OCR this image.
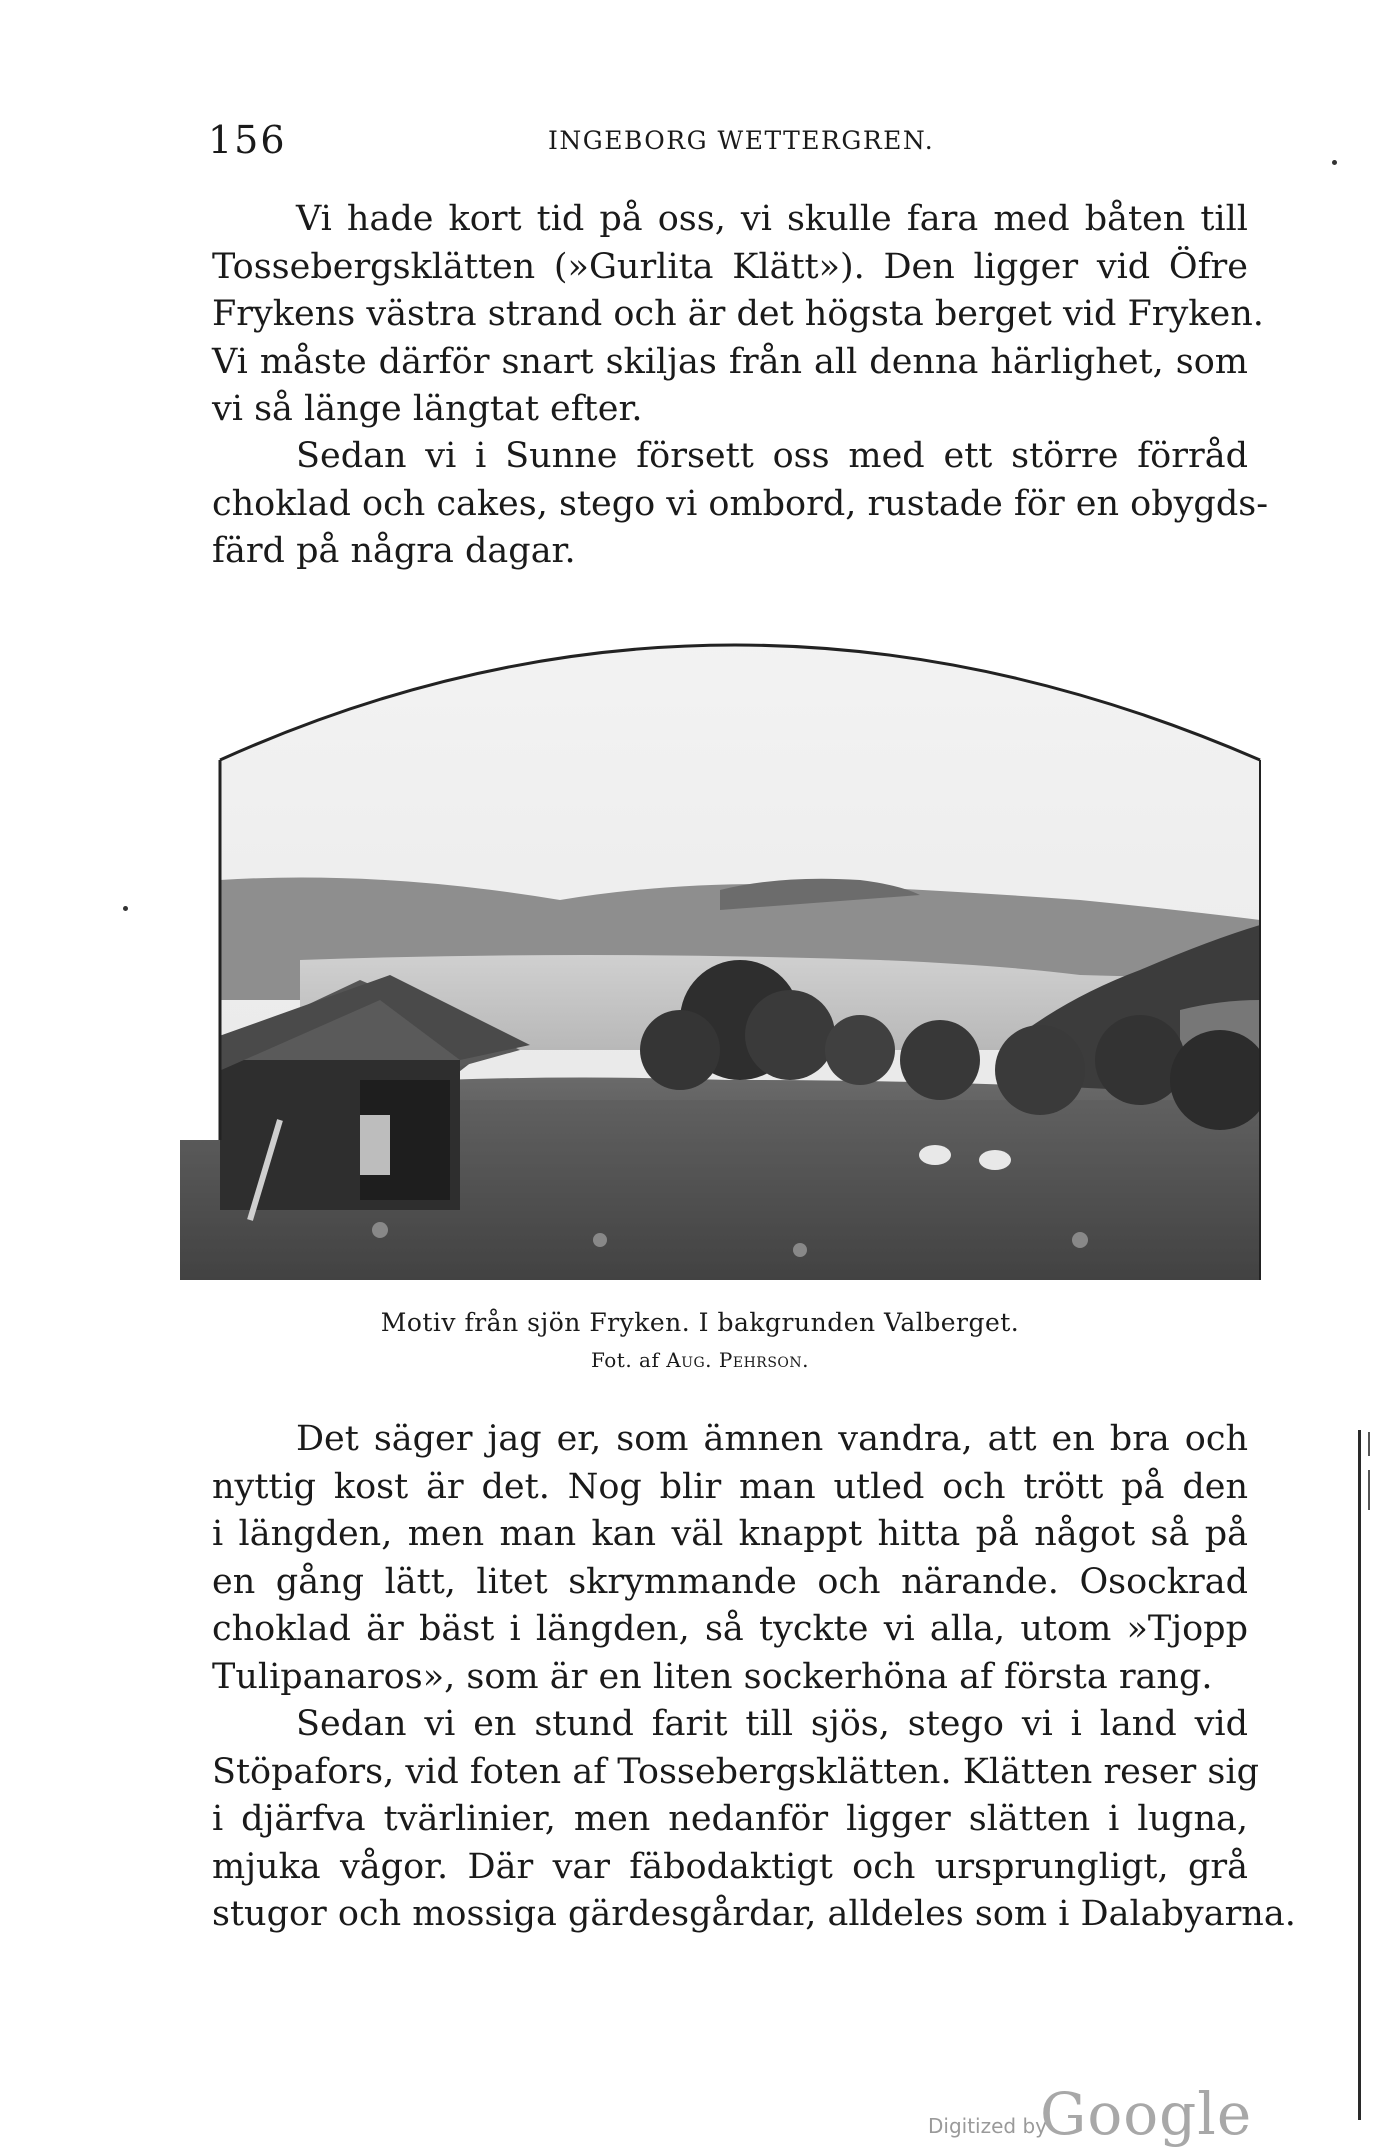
156	INGEBORG WETTERGREN.

Vi hade kort tid på oss, vi skulle fara med båten till
Tossebergsklätten (»Gurlita Klätt»). Den ligger vid Öfre
Frykens västra strand och är det högsta berget vid Fryken.
Vi måste därför snart skiljas från all denna härlighet, som
vi så länge längtat efter.

Sedan vi i Sunne försett oss med ett större förråd
choklad och cakes, stego vi ombord, rustade för en obygds-
färd på några dagar.

Motiv från sjön Fryken. I bakgrunden Valberget.
Fot. af Aug. Pehrson.

Det säger jag er, som ämnen vandra, att en bra och
nyttig kost är det. Nog blir man utled och trött på den
i längden, men man kan väl knappt hitta på något så på
en gång lätt, litet skrymmande och närande. Osockrad
choklad är bäst i längden, så tyckte vi alla, utom »Tjopp
Tulipanaros», som är en liten sockerhöna af första rang.

Sedan vi en stund farit till sjös, stego vi i land vid
Stöpafors, vid foten af Tossebergsklätten. Klätten reser sig
i djärfva tvärlinier, men nedanför ligger slätten i lugna,
mjuka vågor. Där var fäbodaktigt och ursprungligt, grå
stugor och mossiga gärdesgårdar, alldeles som i Dalabyarna.

Digitized by
Google
